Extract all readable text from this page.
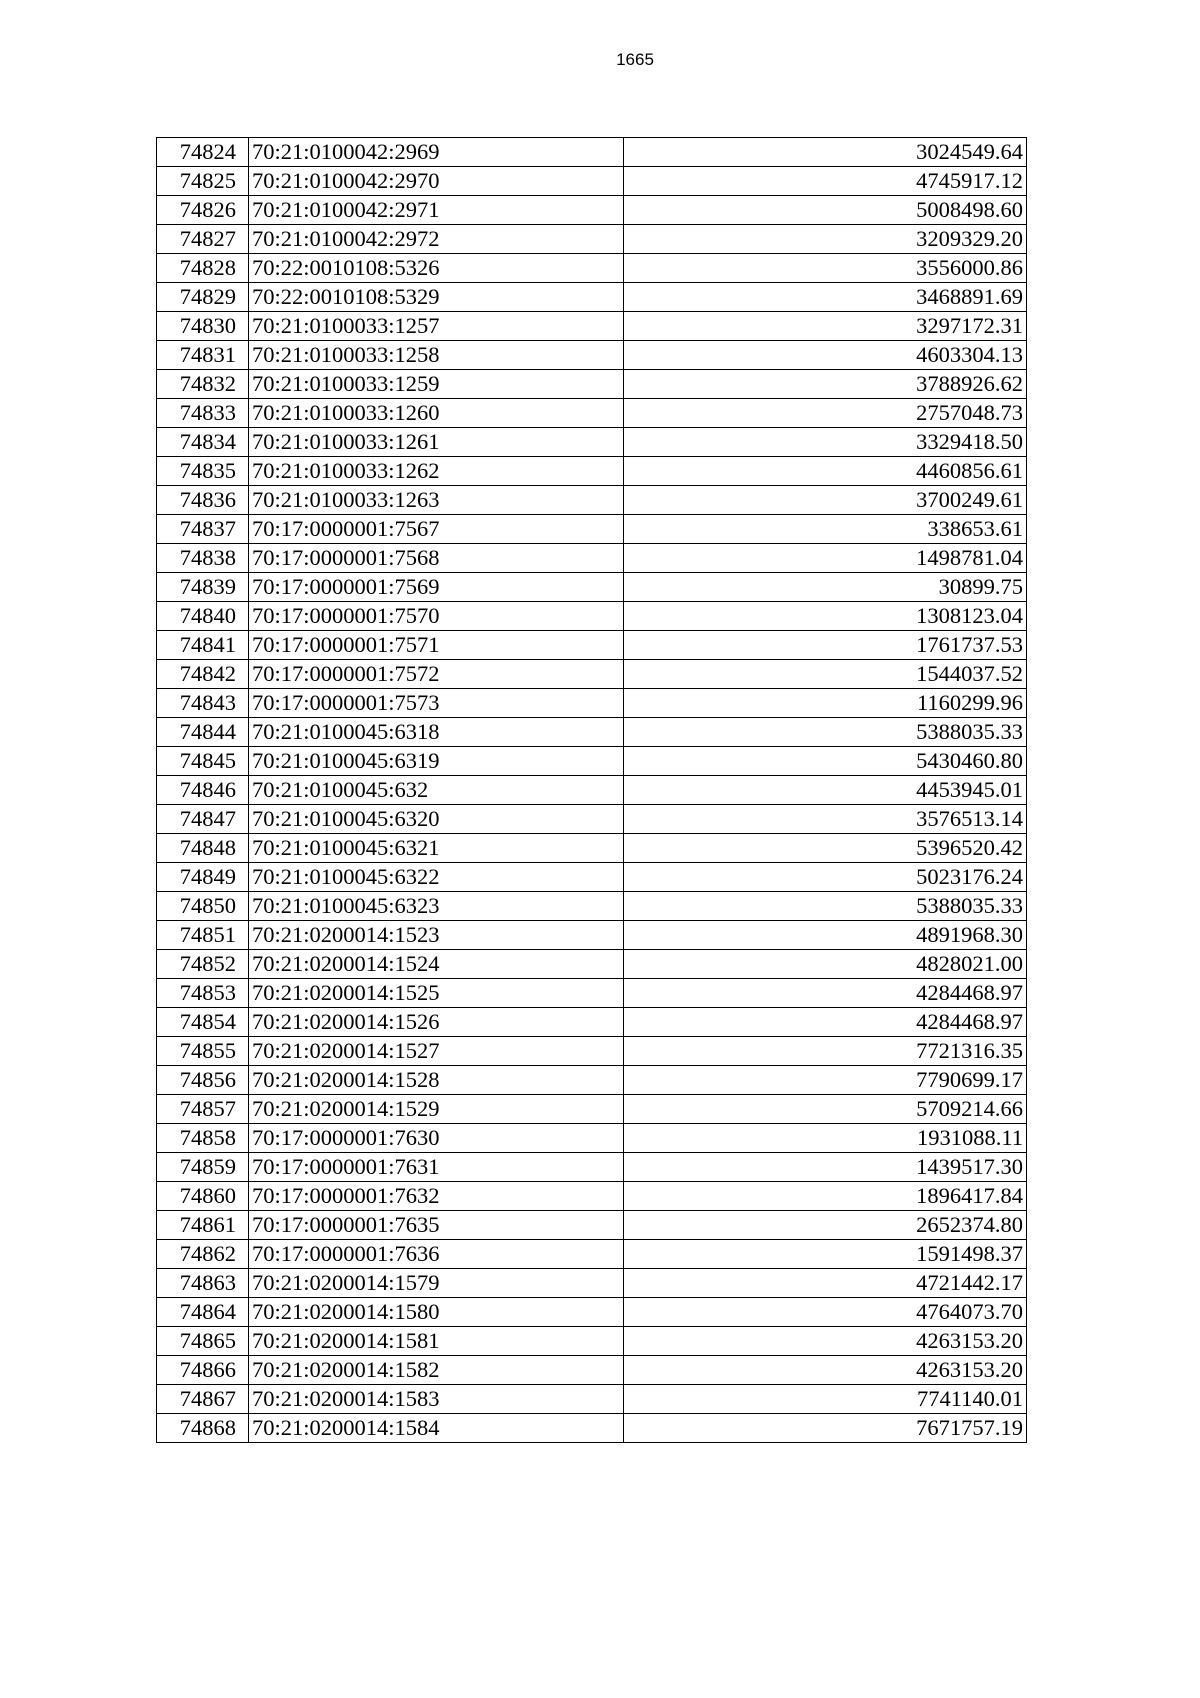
1665
74824	70:21:0100042:2969	3024549.64
74825	70:21:0100042:2970	4745917.12
74826	70:21:0100042:2971	5008498.60
74827	70:21:0100042:2972	3209329.20
74828	70:22:0010108:5326	3556000.86
74829	70:22:0010108:5329	3468891.69
74830	70:21:0100033:1257	3297172.31
74831	70:21:0100033:1258	4603304.13
74832	70:21:0100033:1259	3788926.62
74833	70:21:0100033:1260	2757048.73
74834	70:21:0100033:1261	3329418.50
74835	70:21:0100033:1262	4460856.61
74836	70:21:0100033:1263	3700249.61
74837	70:17:0000001:7567	338653.61
74838	70:17:0000001:7568	1498781.04
74839	70:17:0000001:7569	30899.75
74840	70:17:0000001:7570	1308123.04
74841	70:17:0000001:7571	1761737.53
74842	70:17:0000001:7572	1544037.52
74843	70:17:0000001:7573	1160299.96
74844	70:21:0100045:6318	5388035.33
74845	70:21:0100045:6319	5430460.80
74846	70:21:0100045:632	4453945.01
74847	70:21:0100045:6320	3576513.14
74848	70:21:0100045:6321	5396520.42
74849	70:21:0100045:6322	5023176.24
74850	70:21:0100045:6323	5388035.33
74851	70:21:0200014:1523	4891968.30
74852	70:21:0200014:1524	4828021.00
74853	70:21:0200014:1525	4284468.97
74854	70:21:0200014:1526	4284468.97
74855	70:21:0200014:1527	7721316.35
74856	70:21:0200014:1528	7790699.17
74857	70:21:0200014:1529	5709214.66
74858	70:17:0000001:7630	1931088.11
74859	70:17:0000001:7631	1439517.30
74860	70:17:0000001:7632	1896417.84
74861	70:17:0000001:7635	2652374.80
74862	70:17:0000001:7636	1591498.37
74863	70:21:0200014:1579	4721442.17
74864	70:21:0200014:1580	4764073.70
74865	70:21:0200014:1581	4263153.20
74866	70:21:0200014:1582	4263153.20
74867	70:21:0200014:1583	7741140.01
74868	70:21:0200014:1584	7671757.19
